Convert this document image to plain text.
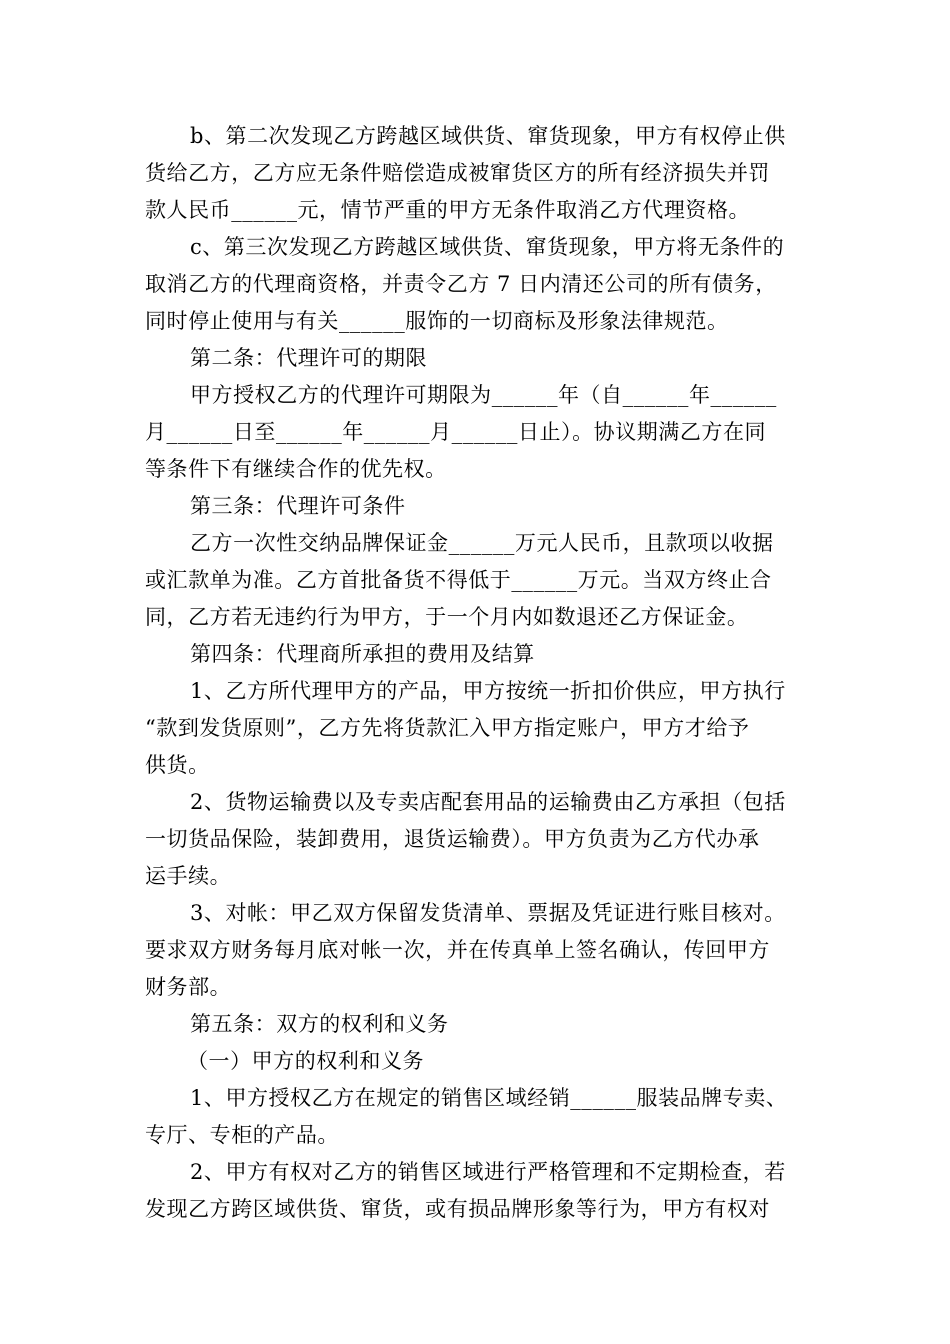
b、第二次发现乙方跨越区域供货、窜货现象，甲方有权停止供
货给乙方，乙方应无条件赔偿造成被窜货区方的所有经济损失并罚
款人民币______元，情节严重的甲方无条件取消乙方代理资格。
c、第三次发现乙方跨越区域供货、窜货现象，甲方将无条件的
取消乙方的代理商资格，并责令乙方 7 日内清还公司的所有债务，
同时停止使用与有关______服饰的一切商标及形象法律规范。
第二条：代理许可的期限
甲方授权乙方的代理许可期限为______年（自______年______
月______日至______年______月______日止）。协议期满乙方在同
等条件下有继续合作的优先权。
第三条：代理许可条件
乙方一次性交纳品牌保证金______万元人民币，且款项以收据
或汇款单为准。乙方首批备货不得低于______万元。当双方终止合
同，乙方若无违约行为甲方，于一个月内如数退还乙方保证金。
第四条：代理商所承担的费用及结算
1、乙方所代理甲方的产品，甲方按统一折扣价供应，甲方执行
“款到发货原则”，乙方先将货款汇入甲方指定账户，甲方才给予
供货。
2、货物运输费以及专卖店配套用品的运输费由乙方承担（包括
一切货品保险，装卸费用，退货运输费）。甲方负责为乙方代办承
运手续。
3、对帐：甲乙双方保留发货清单、票据及凭证进行账目核对。
要求双方财务每月底对帐一次，并在传真单上签名确认，传回甲方
财务部。
第五条：双方的权利和义务
（一）甲方的权利和义务
1、甲方授权乙方在规定的销售区域经销______服装品牌专卖、
专厅、专柜的产品。
2、甲方有权对乙方的销售区域进行严格管理和不定期检查，若
发现乙方跨区域供货、窜货，或有损品牌形象等行为，甲方有权对
